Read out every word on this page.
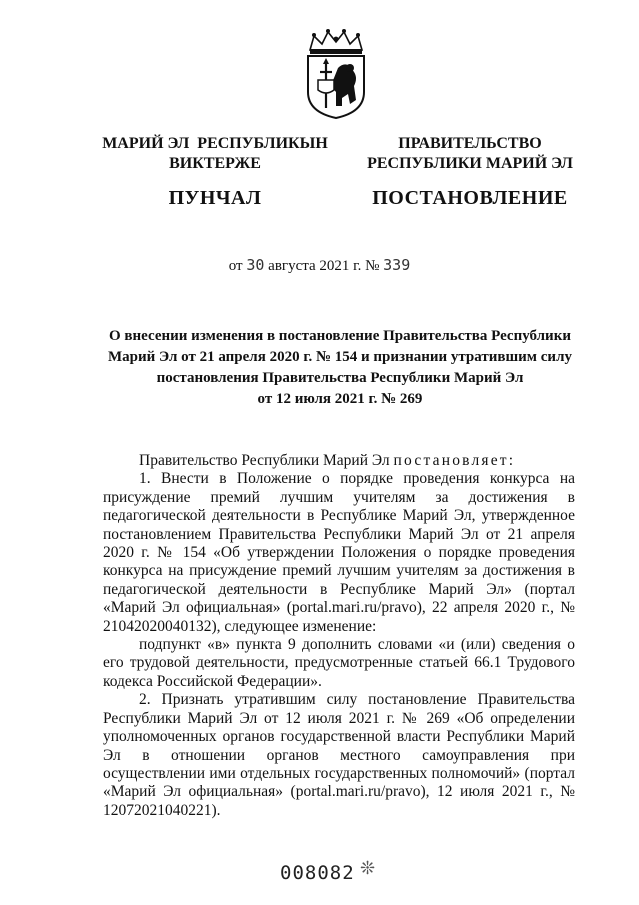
МАРИЙ ЭЛ  РЕСПУБЛИКЫН
ВИКТЕРЖЕ
ПУНЧАЛ
ПРАВИТЕЛЬСТВО
РЕСПУБЛИКИ МАРИЙ ЭЛ
ПОСТАНОВЛЕНИЕ
от 30 августа 2021 г. № 339
О внесении изменения в постановление Правительства Республики
Марий Эл от 21 апреля 2020 г. № 154 и признании утратившим силу
постановления Правительства Республики Марий Эл
от 12 июля 2021 г. № 269

Правительство Республики Марий Эл постановляет:

1. Внести в Положение о порядке проведения конкурса на присуждение премий лучшим учителям за достижения в педагогической деятельности в Республике Марий Эл, утвержденное постановлением Правительства Республики Марий Эл от 21 апреля 2020 г. № 154 «Об утверждении Положения о порядке проведения конкурса на присуждение премий лучшим учителям за достижения в педагогической деятельности в Республике Марий Эл» (портал «Марий Эл официальная» (portal.mari.ru/pravo), 22 апреля 2020 г., № 21042020040132), следующее изменение:

подпункт «в» пункта 9 дополнить словами «и (или) сведения о его трудовой деятельности, предусмотренные статьей 66.1 Трудового кодекса Российской Федерации».

2. Признать утратившим силу постановление Правительства Республики Марий Эл от 12 июля 2021 г. № 269 «Об определении уполномоченных органов государственной власти Республики Марий Эл в отношении органов местного самоуправления при осуществлении ими отдельных государственных полномочий» (портал «Марий Эл официальная» (portal.mari.ru/pravo), 12 июля 2021 г., № 12072021040221).

008082 ❊
